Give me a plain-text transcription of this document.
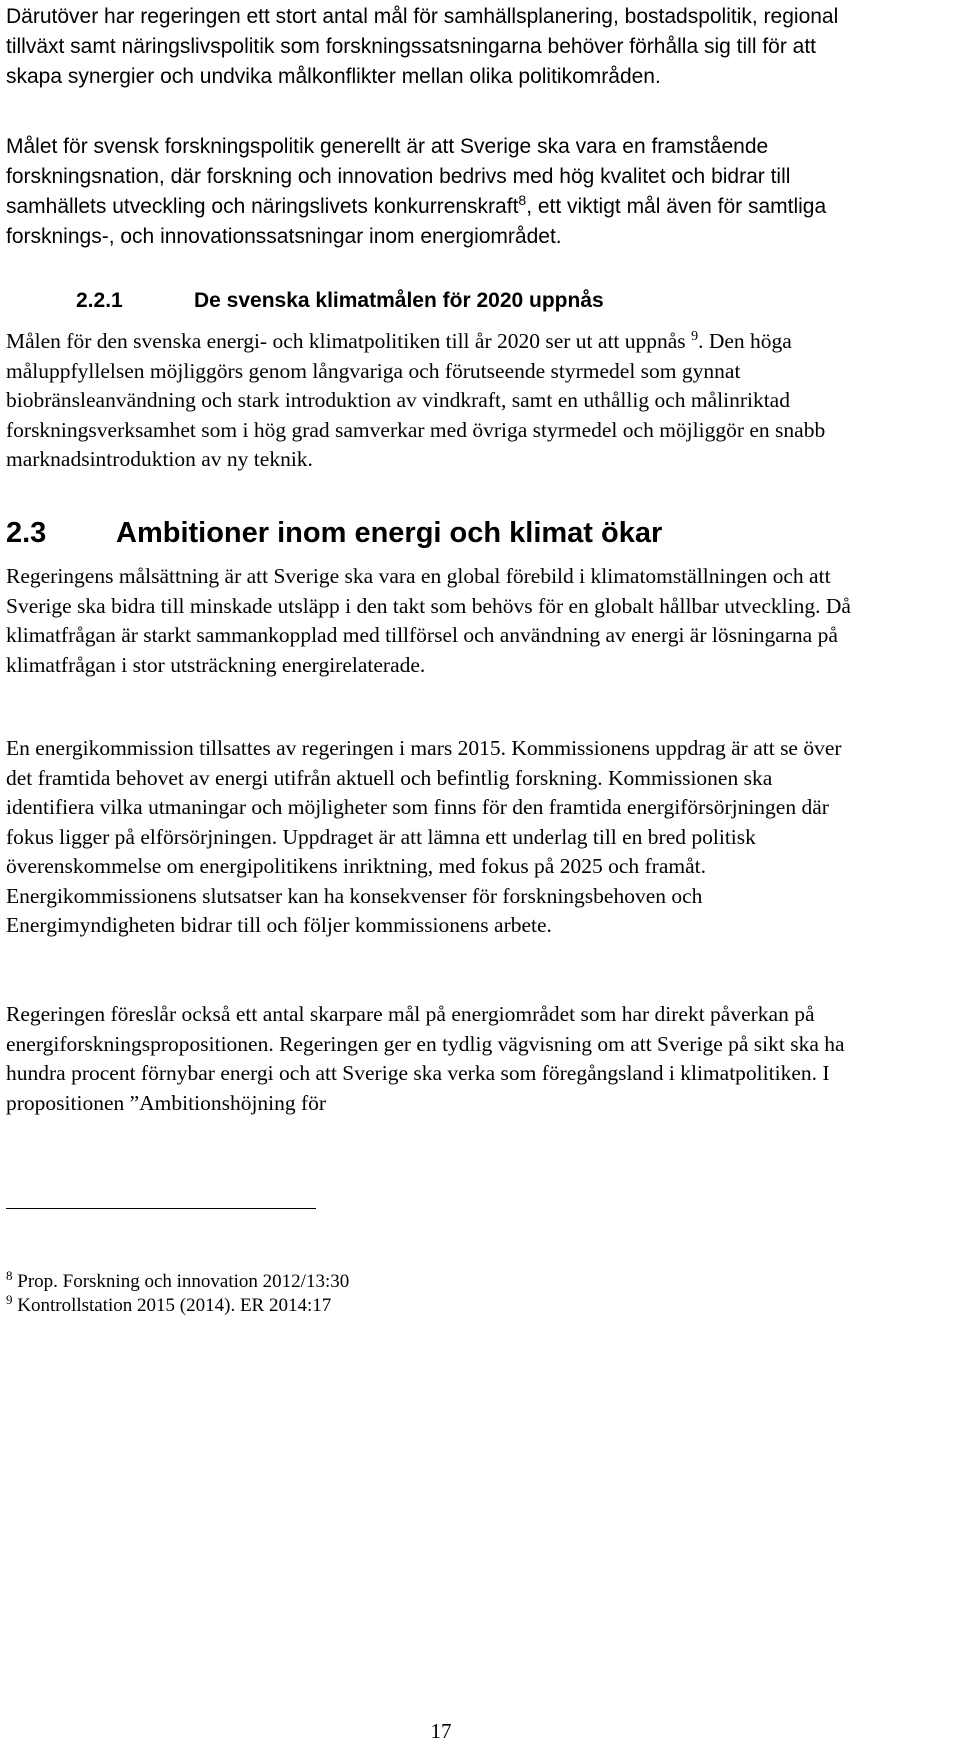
Därutöver har regeringen ett stort antal mål för samhällsplanering, bostadspolitik, regional tillväxt samt näringslivspolitik som forskningssatsningarna behöver förhålla sig till för att skapa synergier och undvika målkonflikter mellan olika politikområden.

Målet för svensk forskningspolitik generellt är att Sverige ska vara en framstående forskningsnation, där forskning och innovation bedrivs med hög kvalitet och bidrar till samhällets utveckling och näringslivets konkurrenskraft$^8$, ett viktigt mål även för samtliga forsknings-, och innovationssatsningar inom energiområdet.

2.2.1	De svenska klimatmålen för 2020 uppnås

Målen för den svenska energi- och klimatpolitiken till år 2020 ser ut att uppnås $^9$. Den höga måluppfyllelsen möjliggörs genom långvariga och förutseende styrmedel som gynnat biobränsleanvändning och stark introduktion av vindkraft, samt en uthållig och målinriktad forskningsverksamhet som i hög grad samverkar med övriga styrmedel och möjliggör en snabb marknadsintroduktion av ny teknik.

2.3 Ambitioner inom energi och klimat ökar

Regeringens målsättning är att Sverige ska vara en global förebild i klimatomställningen och att Sverige ska bidra till minskade utsläpp i den takt som behövs för en globalt hållbar utveckling. Då klimatfrågan är starkt sammankopplad med tillförsel och användning av energi är lösningarna på klimatfrågan i stor utsträckning energirelaterade.

En energikommission tillsattes av regeringen i mars 2015. Kommissionens uppdrag är att se över det framtida behovet av energi utifrån aktuell och befintlig forskning. Kommissionen ska identifiera vilka utmaningar och möjligheter som finns för den framtida energiförsörjningen där fokus ligger på elförsörjningen. Uppdraget är att lämna ett underlag till en bred politisk överenskommelse om energipolitikens inriktning, med fokus på 2025 och framåt. Energikommissionens slutsatser kan ha konsekvenser för forskningsbehoven och Energimyndigheten bidrar till och följer kommissionens arbete.

Regeringen föreslår också ett antal skarpare mål på energiområdet som har direkt påverkan på energiforskningspropositionen. Regeringen ger en tydlig vägvisning om att Sverige på sikt ska ha hundra procent förnybar energi och att Sverige ska verka som föregångsland i klimatpolitiken. I propositionen ”Ambitionshöjning för

$^8$ Prop. Forskning och innovation 2012/13:30
$^9$ Kontrollstation 2015 (2014). ER 2014:17
17
